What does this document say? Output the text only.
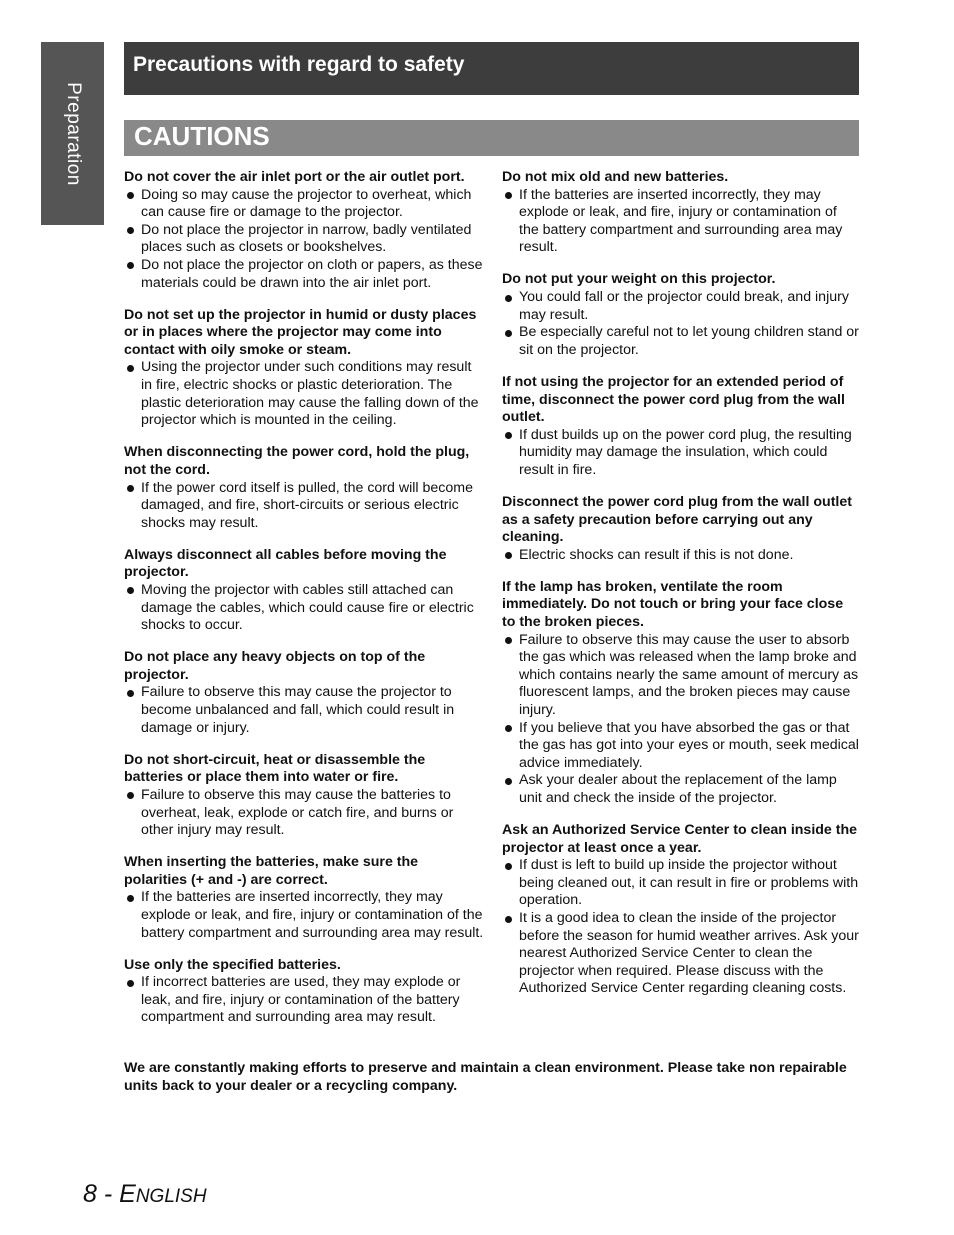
Preparation
Precautions with regard to safety
CAUTIONS
Do not cover the air inlet port or the air outlet port.
Doing so may cause the projector to overheat, which can cause fire or damage to the projector.
Do not place the projector in narrow, badly ventilated places such as closets or bookshelves.
Do not place the projector on cloth or papers, as these materials could be drawn into the air inlet port.
Do not set up the projector in humid or dusty places or in places where the projector may come into contact with oily smoke or steam.
Using the projector under such conditions may result in fire, electric shocks or plastic deterioration. The plastic deterioration may cause the falling down of the projector which is mounted in the ceiling.
When disconnecting the power cord, hold the plug, not the cord.
If the power cord itself is pulled, the cord will become damaged, and fire, short-circuits or serious electric shocks may result.
Always disconnect all cables before moving the projector.
Moving the projector with cables still attached can damage the cables, which could cause fire or electric shocks to occur.
Do not place any heavy objects on top of the projector.
Failure to observe this may cause the projector to become unbalanced and fall, which could result in damage or injury.
Do not short-circuit, heat or disassemble the batteries or place them into water or fire.
Failure to observe this may cause the batteries to overheat, leak, explode or catch fire, and burns or other injury may result.
When inserting the batteries, make sure the polarities (+ and -) are correct.
If the batteries are inserted incorrectly, they may explode or leak, and fire, injury or contamination of the battery compartment and surrounding area may result.
Use only the specified batteries.
If incorrect batteries are used, they may explode or leak, and fire, injury or contamination of the battery compartment and surrounding area may result.
Do not mix old and new batteries.
If the batteries are inserted incorrectly, they may explode or leak, and fire, injury or contamination of the battery compartment and surrounding area may result.
Do not put your weight on this projector.
You could fall or the projector could break, and injury may result.
Be especially careful not to let young children stand or sit on the projector.
If not using the projector for an extended period of time, disconnect the power cord plug from the wall outlet.
If dust builds up on the power cord plug, the resulting humidity may damage the insulation, which could result in fire.
Disconnect the power cord plug from the wall outlet as a safety precaution before carrying out any cleaning.
Electric shocks can result if this is not done.
If the lamp has broken, ventilate the room immediately. Do not touch or bring your face close to the broken pieces.
Failure to observe this may cause the user to absorb the gas which was released when the lamp broke and which contains nearly the same amount of mercury as fluorescent lamps, and the broken pieces may cause injury.
If you believe that you have absorbed the gas or that the gas has got into your eyes or mouth, seek medical advice immediately.
Ask your dealer about the replacement of the lamp unit and check the inside of the projector.
Ask an Authorized Service Center to clean inside the projector at least once a year.
If dust is left to build up inside the projector without being cleaned out, it can result in fire or problems with operation.
It is a good idea to clean the inside of the projector before the season for humid weather arrives. Ask your nearest Authorized Service Center to clean the projector when required. Please discuss with the Authorized Service Center regarding cleaning costs.
We are constantly making efforts to preserve and maintain a clean environment. Please take non repairable units back to your dealer or a recycling company.
8 - ENGLISH
